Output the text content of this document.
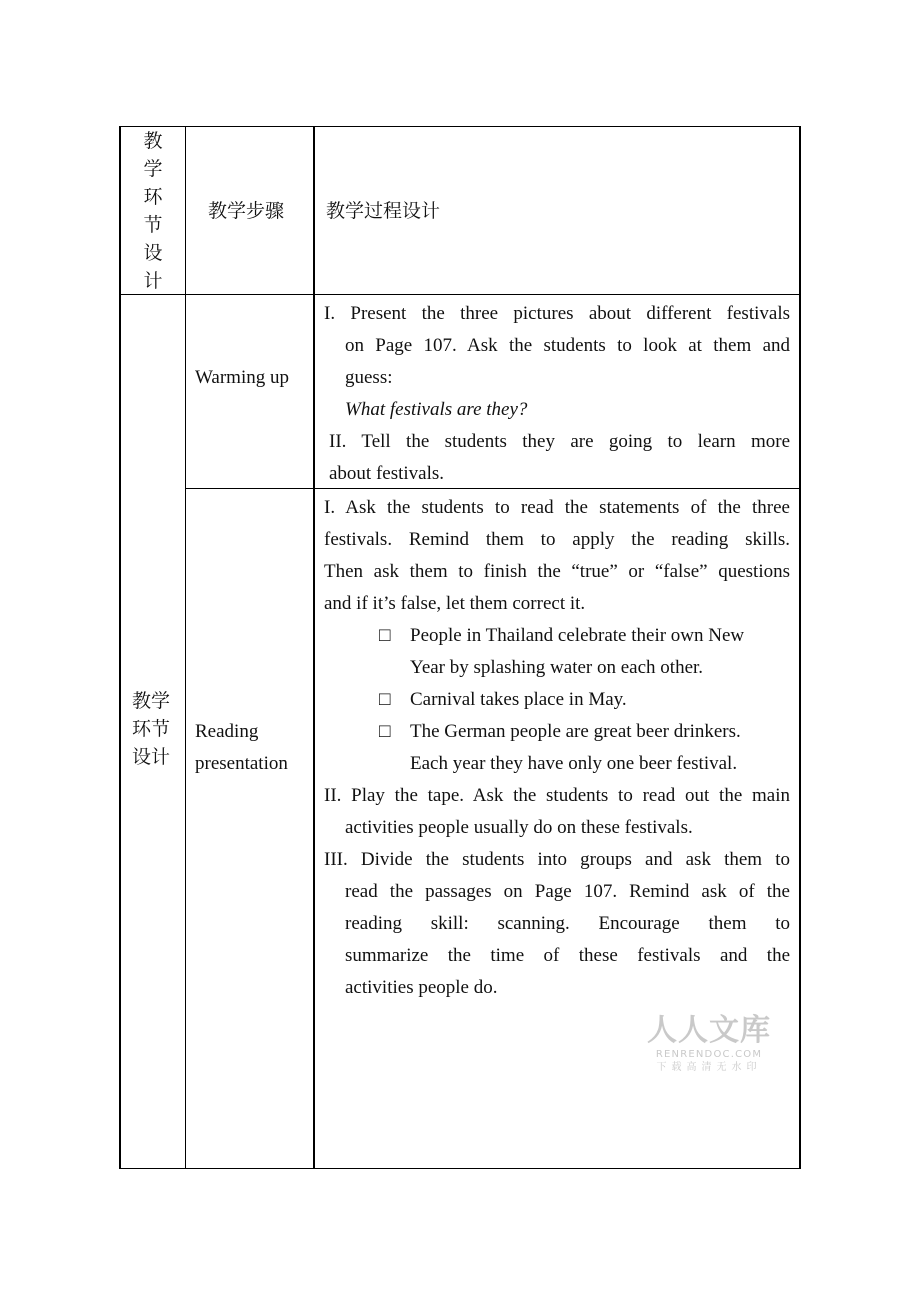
教
学
环
节
设
计
教学步骤 教学过程设计
教学
环节
设计
Warming up
I. Present the three pictures about different festivals
on Page 107. Ask the students to look at them and
guess:
What festivals are they?
II. Tell the students they are going to learn more
about festivals.
Reading
presentation
I. Ask the students to read the statements of the three
festivals. Remind them to apply the reading skills.
Then ask them to finish the “true” or “false” questions
and if it’s false, let them correct it.
□ People in Thailand celebrate their own New
Year by splashing water on each other.
□ Carnival takes place in May.
□ The German people are great beer drinkers.
Each year they have only one beer festival.
II. Play the tape. Ask the students to read out the main
activities people usually do on these festivals.
III. Divide the students into groups and ask them to
read the passages on Page 107. Remind ask of the
reading skill: scanning. Encourage them to
summarize the time of these festivals and the
activities people do.
人人文库
RENRENDOC.COM
下载高清无水印
